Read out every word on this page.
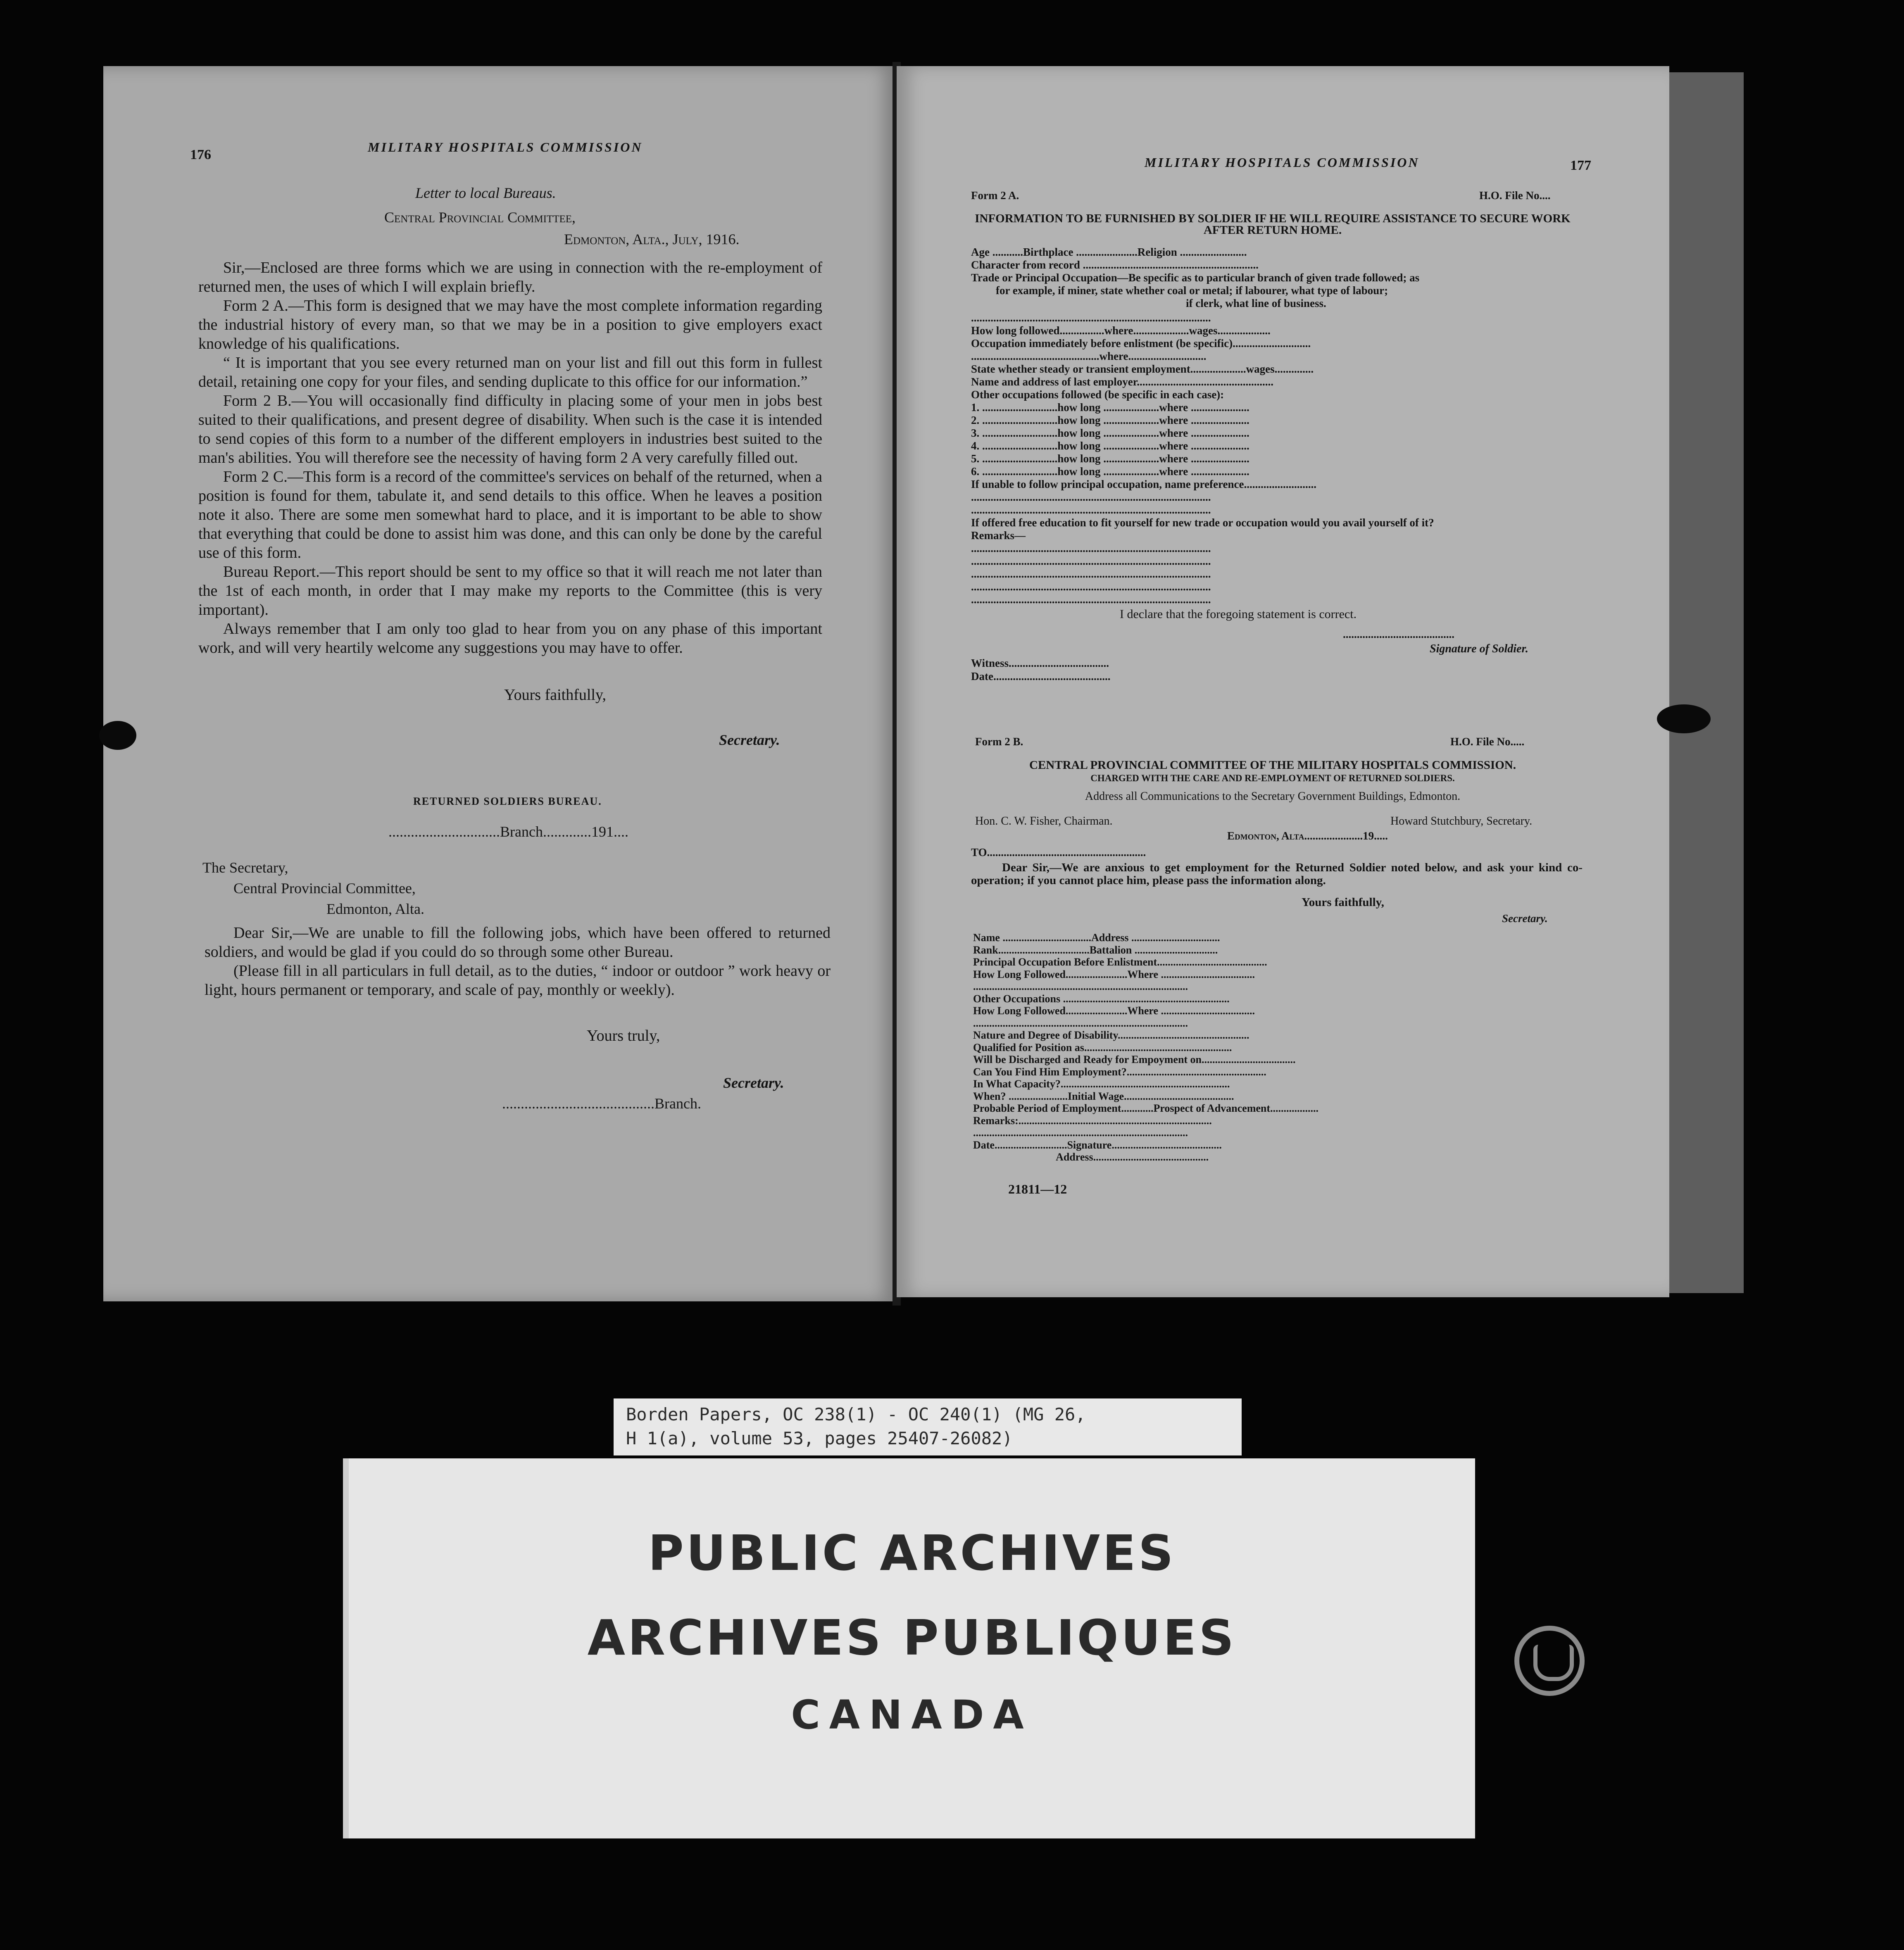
176	MILITARY HOSPITALS COMMISSION
Letter to local Bureaus.
Central Provincial Committee,
Edmonton, Alta., July, 1916.

Sir,—Enclosed are three forms which we are using in connection with the re-employment of returned men, the uses of which I will explain briefly.

Form 2 A.—This form is designed that we may have the most complete information regarding the industrial history of every man, so that we may be in a position to give employers exact knowledge of his qualifications.

“ It is important that you see every returned man on your list and fill out this form in fullest detail, retaining one copy for your files, and sending duplicate to this office for our information.”

Form 2 B.—You will occasionally find difficulty in placing some of your men in jobs best suited to their qualifications, and present degree of disability. When such is the case it is intended to send copies of this form to a number of the different employers in industries best suited to the man's abilities. You will therefore see the necessity of having form 2 A very carefully filled out.

Form 2 C.—This form is a record of the committee's services on behalf of the returned, when a position is found for them, tabulate it, and send details to this office. When he leaves a position note it also. There are some men somewhat hard to place, and it is important to be able to show that everything that could be done to assist him was done, and this can only be done by the careful use of this form.

Bureau Report.—This report should be sent to my office so that it will reach me not later than the 1st of each month, in order that I may make my reports to the Committee (this is very important).

Always remember that I am only too glad to hear from you on any phase of this important work, and will very heartily welcome any suggestions you may have to offer.

Yours faithfully,
Secretary.
RETURNED SOLDIERS BUREAU.
..............................Branch.............191....
The Secretary,
Central Provincial Committee,
Edmonton, Alta.

Dear Sir,—We are unable to fill the following jobs, which have been offered to returned soldiers, and would be glad if you could do so through some other Bureau.

(Please fill in all particulars in full detail, as to the duties, “ indoor or outdoor ” work heavy or light, hours permanent or temporary, and scale of pay, monthly or weekly).

Yours truly,
Secretary.
.........................................Branch.
MILITARY HOSPITALS COMMISSION	177
Form 2 A.	H.O. File No....
INFORMATION TO BE FURNISHED BY SOLDIER IF HE WILL REQUIRE ASSISTANCE TO SECURE WORK AFTER RETURN HOME.
Age ...........Birthplace ......................Religion ........................
Character from record ...............................................................
Trade or Principal Occupation—Be specific as to particular branch of given trade followed; as
for example, if miner, state whether coal or metal; if labourer, what type of labour;
if clerk, what line of business.
......................................................................................
How long followed................where....................wages...................
Occupation immediately before enlistment (be specific)............................
..............................................where............................
State whether steady or transient employment....................wages..............
Name and address of last employer.................................................
Other occupations followed (be specific in each case):
1. ...........................how long ....................where .....................
2. ...........................how long ....................where .....................
3. ...........................how long ....................where .....................
4. ...........................how long ....................where .....................
5. ...........................how long ....................where .....................
6. ...........................how long ....................where .....................
If unable to follow principal occupation, name preference..........................
......................................................................................
......................................................................................
If offered free education to fit yourself for new trade or occupation would you avail yourself of it?
Remarks—
......................................................................................
......................................................................................
......................................................................................
......................................................................................
......................................................................................
I declare that the foregoing statement is correct.
........................................
Signature of Soldier.
Witness....................................
Date..........................................
Form 2 B.	H.O. File No.....
CENTRAL PROVINCIAL COMMITTEE OF THE MILITARY HOSPITALS COMMISSION.
CHARGED WITH THE CARE AND RE-EMPLOYMENT OF RETURNED SOLDIERS.
Address all Communications to the Secretary Government Buildings, Edmonton.
Hon. C. W. Fisher, Chairman.	Howard Stutchbury, Secretary.
Edmonton, Alta.....................19.....
TO.........................................................

Dear Sir,—We are anxious to get employment for the Returned Soldier noted below, and ask your kind co-operation; if you cannot place him, please pass the information along.

Yours faithfully,
Secretary.
Name .................................Address .................................
Rank..................................Battalion ...............................
Principal Occupation Before Enlistment.........................................
How Long Followed.......................Where ...................................
................................................................................
Other Occupations ..............................................................
How Long Followed.......................Where ...................................
................................................................................
Nature and Degree of Disability.................................................
Qualified for Position as.......................................................
Will be Discharged and Ready for Empoyment on...................................
Can You Find Him Employment?....................................................
In What Capacity?...............................................................
When? ......................Initial Wage.........................................
Probable Period of Employment............Prospect of Advancement..................
Remarks:........................................................................
................................................................................
Date...........................Signature.........................................
Address...........................................
21811—12
Borden Papers, OC 238(1) - OC 240(1) (MG 26,
H 1(a), volume 53, pages 25407-26082)
PUBLIC ARCHIVES
ARCHIVES PUBLIQUES
CANADA
